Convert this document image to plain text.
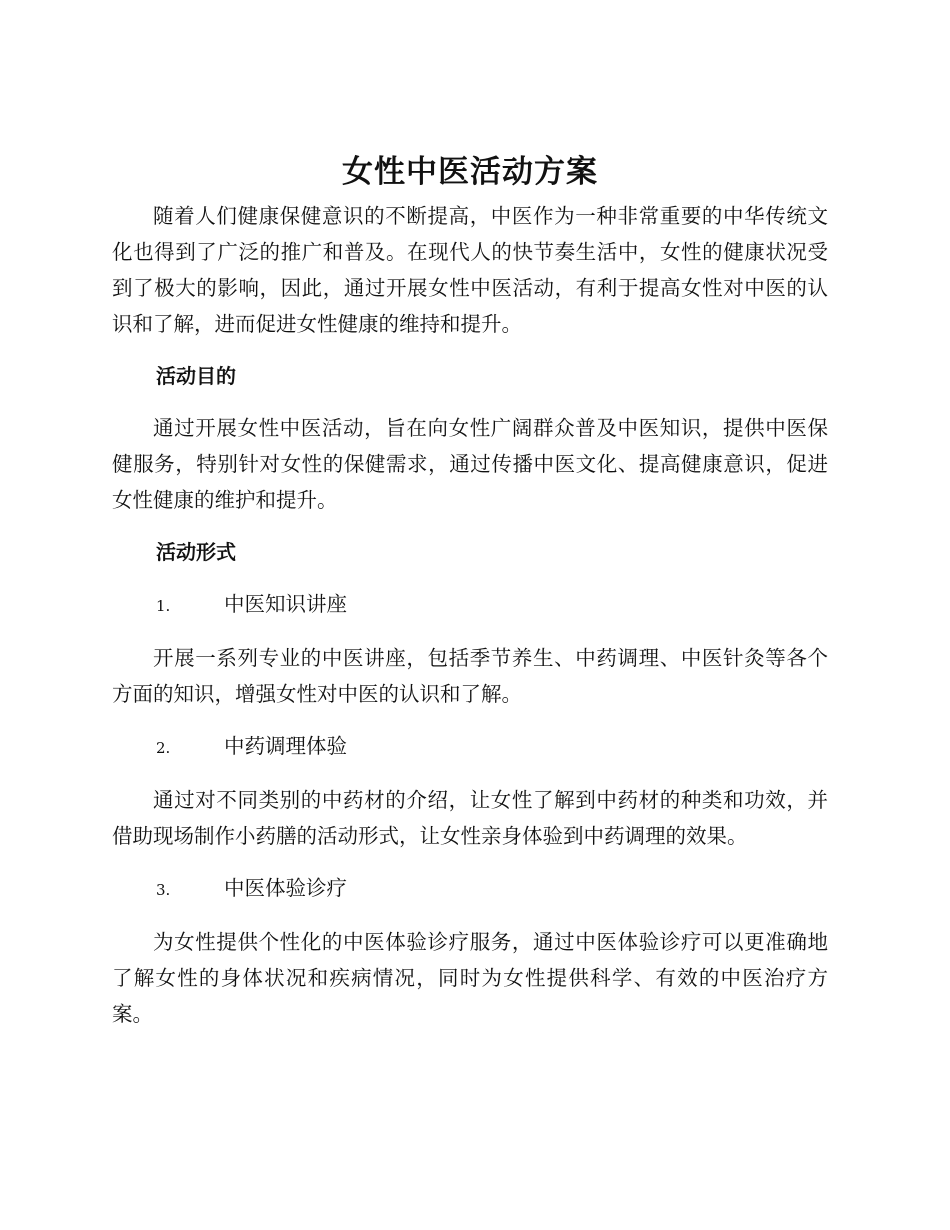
女性中医活动方案

随着人们健康保健意识的不断提高，中医作为一种非常重要的中华传统文化也得到了广泛的推广和普及。在现代人的快节奏生活中，女性的健康状况受到了极大的影响，因此，通过开展女性中医活动，有利于提高女性对中医的认识和了解，进而促进女性健康的维持和提升。

活动目的

通过开展女性中医活动，旨在向女性广阔群众普及中医知识，提供中医保健服务，特别针对女性的保健需求，通过传播中医文化、提高健康意识，促进女性健康的维护和提升。

活动形式
1.	中医知识讲座

开展一系列专业的中医讲座，包括季节养生、中药调理、中医针灸等各个方面的知识，增强女性对中医的认识和了解。

2.	中药调理体验

通过对不同类别的中药材的介绍，让女性了解到中药材的种类和功效，并借助现场制作小药膳的活动形式，让女性亲身体验到中药调理的效果。

3.	中医体验诊疗

为女性提供个性化的中医体验诊疗服务，通过中医体验诊疗可以更准确地了解女性的身体状况和疾病情况，同时为女性提供科学、有效的中医治疗方案。
